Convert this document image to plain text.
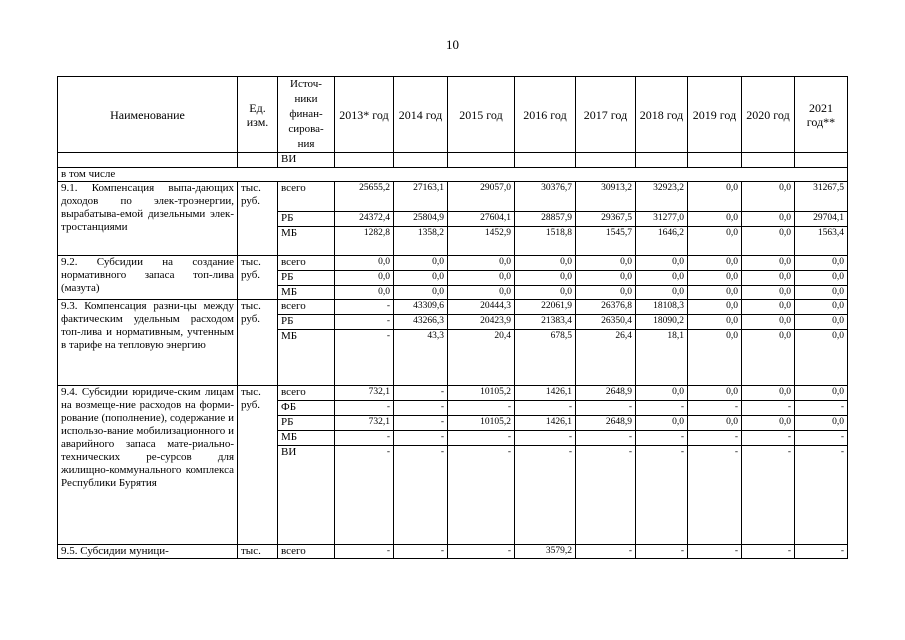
10
Наименование	Ед. изм.	Источ-ники финан-сирова-ния	2013* год	2014 год	2015 год	2016 год	2017 год	2018 год	2019 год	2020 год	2021 год**
		ВИ									
в том числе											
9.1. Компенсация выпа-дающих доходов по элек-троэнергии, вырабатыва-емой дизельными элек-тростанциями	тыс. руб.	всего	25655,2	27163,1	29057,0	30376,7	30913,2	32923,2	0,0	0,0	31267,5
		РБ	24372,4	25804,9	27604,1	28857,9	29367,5	31277,0	0,0	0,0	29704,1
		МБ	1282,8	1358,2	1452,9	1518,8	1545,7	1646,2	0,0	0,0	1563,4
9.2. Субсидии на создание нормативного запаса топ-лива (мазута)	тыс. руб.	всего	0,0	0,0	0,0	0,0	0,0	0,0	0,0	0,0	0,0
		РБ	0,0	0,0	0,0	0,0	0,0	0,0	0,0	0,0	0,0
		МБ	0,0	0,0	0,0	0,0	0,0	0,0	0,0	0,0	0,0
9.3. Компенсация разни-цы между фактическим удельным расходом топ-лива и нормативным, учтенным в тарифе на тепловую энергию	тыс. руб.	всего	-	43309,6	20444,3	22061,9	26376,8	18108,3	0,0	0,0	0,0
		РБ	-	43266,3	20423,9	21383,4	26350,4	18090,2	0,0	0,0	0,0
		МБ	-	43,3	20,4	678,5	26,4	18,1	0,0	0,0	0,0
9.4. Субсидии юридиче-ским лицам на возмеще-ние расходов на форми-рование (пополнение), содержание и использо-вание мобилизационного и аварийного запаса мате-риально-технических ре-сурсов для жилищно-коммунального комплекса Республики Бурятия	тыс. руб.	всего	732,1	-	10105,2	1426,1	2648,9	0,0	0,0	0,0	0,0
		ФБ	-	-	-	-	-	-	-	-	-
		РБ	732,1	-	10105,2	1426,1	2648,9	0,0	0,0	0,0	0,0
		МБ	-	-	-	-	-	-	-	-	-
		ВИ	-	-	-	-	-	-	-	-	-
9.5. Субсидии муници-	тыс.	всего	-	-	-	3579,2	-	-	-	-	-
